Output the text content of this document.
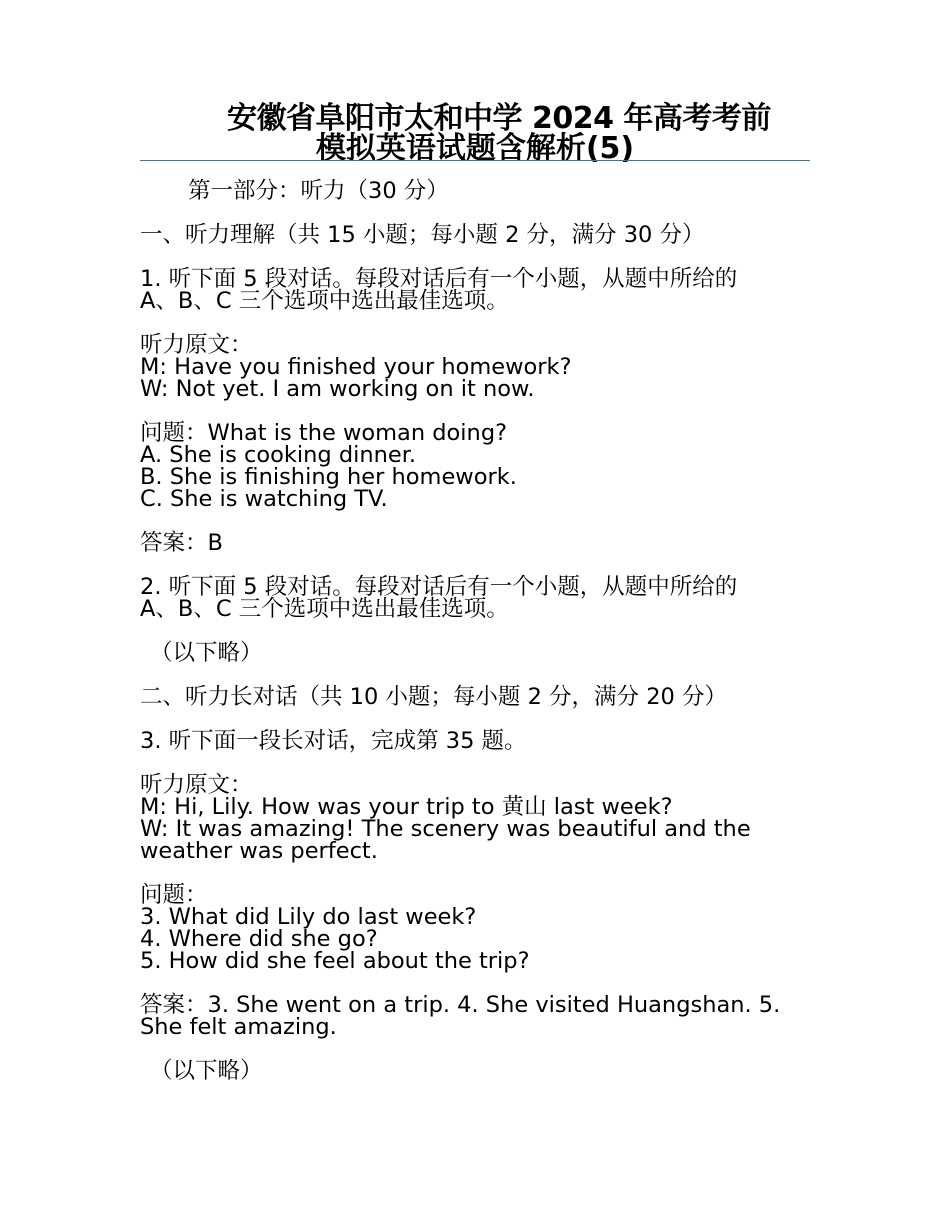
安徽省阜阳市太和中学 2024 年高考考前
模拟英语试题含解析(5)

第一部分：听力（30 分）

一、听力理解（共 15 小题；每小题 2 分，满分 30 分）

1. 听下面 5 段对话。每段对话后有一个小题，从题中所给的
A、B、C 三个选项中选出最佳选项。

听力原文：
M: Have you finished your homework?
W: Not yet. I am working on it now.

问题：What is the woman doing?
A. She is cooking dinner.
B. She is finishing her homework.
C. She is watching TV.

答案：B

2. 听下面 5 段对话。每段对话后有一个小题，从题中所给的
A、B、C 三个选项中选出最佳选项。

（以下略）

二、听力长对话（共 10 小题；每小题 2 分，满分 20 分）

3. 听下面一段长对话，完成第 35 题。

听力原文：
M: Hi, Lily. How was your trip to 黄山 last week?
W: It was amazing! The scenery was beautiful and the
weather was perfect.

问题：
3. What did Lily do last week?
4. Where did she go?
5. How did she feel about the trip?

答案：3. She went on a trip. 4. She visited Huangshan. 5.
She felt amazing.

（以下略）
